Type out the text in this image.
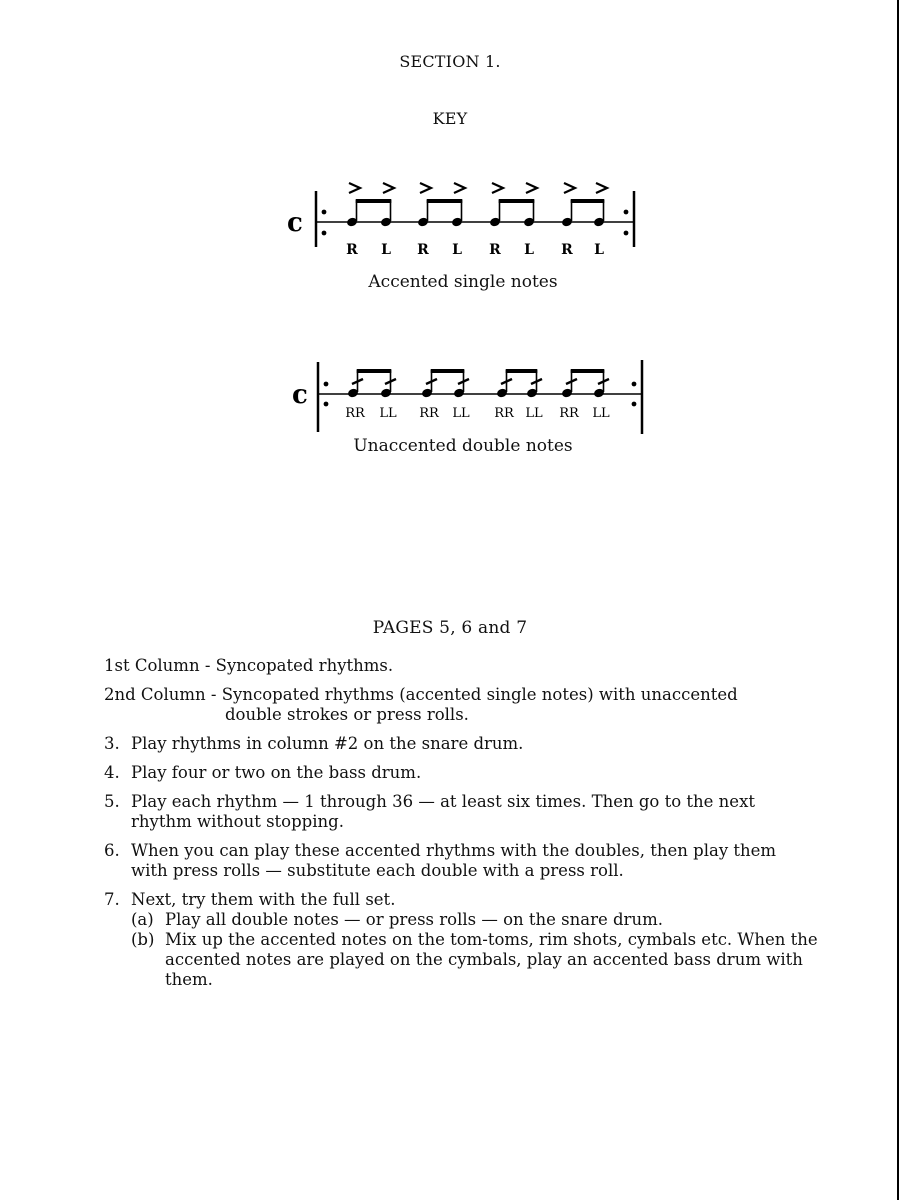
SECTION 1.
KEY
c
R L R L R L R L
Accented single notes
c
RR LL RR LL RR LL RR LL
Unaccented double notes
PAGES 5, 6 and 7
1st Column - Syncopated rhythms.
2nd Column - Syncopated rhythms (accented single notes) with unaccented
double strokes or press rolls.
3. Play rhythms in column #2 on the snare drum.
4. Play four or two on the bass drum.
5. Play each rhythm — 1 through 36 — at least six times. Then go to the next
rhythm without stopping.
6. When you can play these accented rhythms with the doubles, then play them
with press rolls — substitute each double with a press roll.
7. Next, try them with the full set.
(a) Play all double notes — or press rolls — on the snare drum.
(b) Mix up the accented notes on the tom-toms, rim shots, cymbals etc. When the
accented notes are played on the cymbals, play an accented bass drum with
them.
